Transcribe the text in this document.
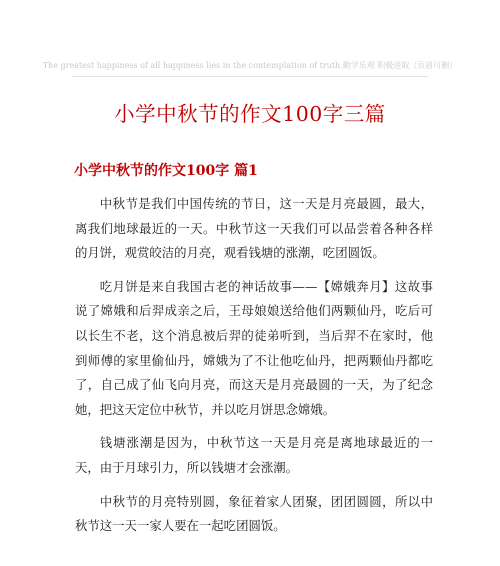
The greatest happiness of all happiness lies in the contemplation of truth.勤学乐观 积极进取（页眉可删）
小学中秋节的作文100字三篇
小学中秋节的作文100字 篇1

中秋节是我们中国传统的节日，这一天是月亮最圆，最大，离我们地球最近的一天。中秋节这一天我们可以品尝着各种各样的月饼，观赏皎洁的月亮，观看钱塘的涨潮，吃团圆饭。

吃月饼是来自我国古老的神话故事——【嫦娥奔月】这故事说了嫦娥和后羿成亲之后，王母娘娘送给他们两颗仙丹，吃后可以长生不老，这个消息被后羿的徒弟听到，当后羿不在家时，他到师傅的家里偷仙丹，嫦娥为了不让他吃仙丹，把两颗仙丹都吃了，自己成了仙飞向月亮，而这天是月亮最圆的一天，为了纪念她，把这天定位中秋节，并以吃月饼思念嫦娥。

钱塘涨潮是因为，中秋节这一天是月亮是离地球最近的一天，由于月球引力，所以钱塘才会涨潮。

中秋节的月亮特别圆，象征着家人团聚，团团圆圆，所以中秋节这一天一家人要在一起吃团圆饭。
